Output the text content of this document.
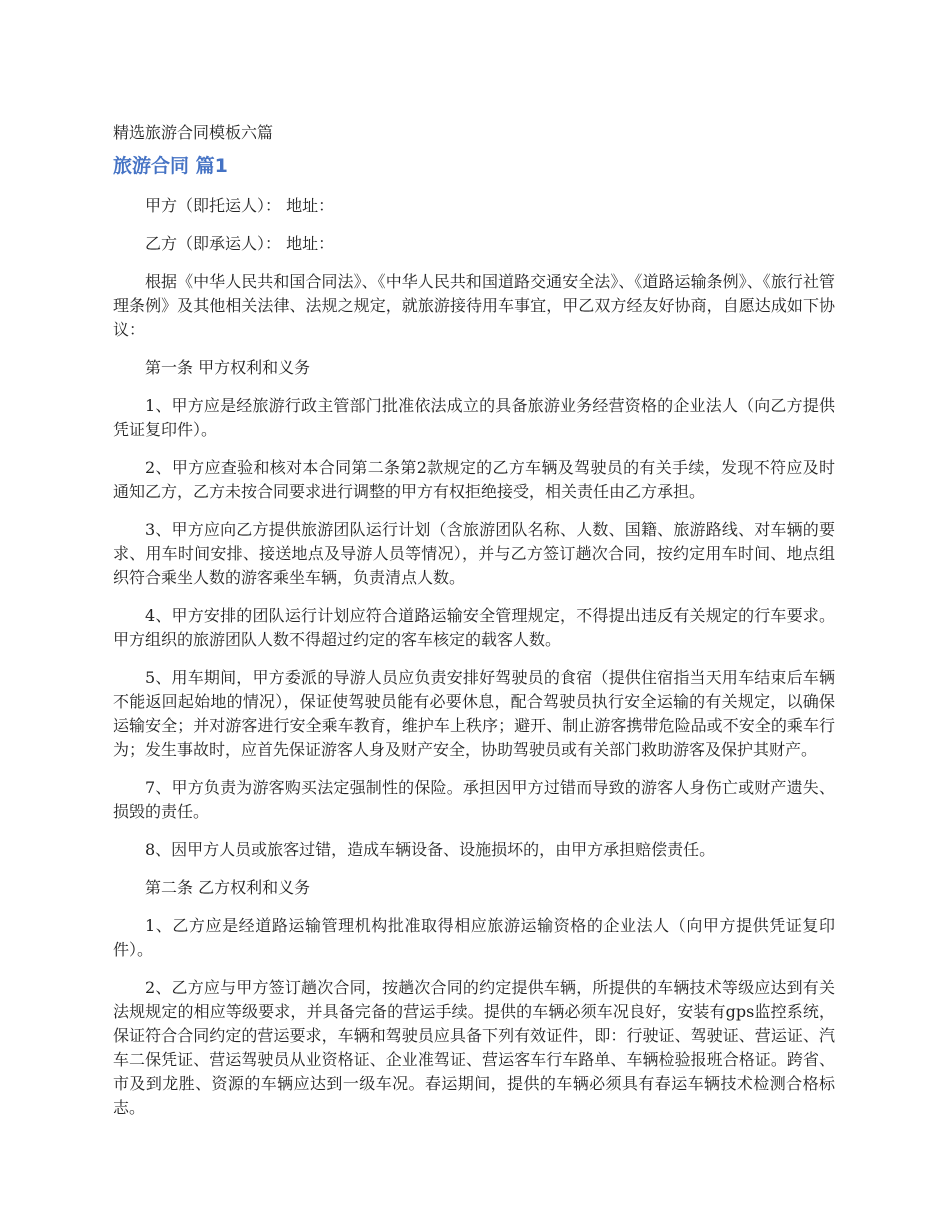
精选旅游合同模板六篇
旅游合同 篇1

甲方（即托运人）： 地址：

乙方（即承运人）： 地址：

根据《中华人民共和国合同法》、《中华人民共和国道路交通安全法》、《道路运输条例》、《旅行社管理条例》及其他相关法律、法规之规定，就旅游接待用车事宜，甲乙双方经友好协商，自愿达成如下协议：

第一条 甲方权利和义务

1、甲方应是经旅游行政主管部门批准依法成立的具备旅游业务经营资格的企业法人（向乙方提供凭证复印件）。

2、甲方应查验和核对本合同第二条第2款规定的乙方车辆及驾驶员的有关手续，发现不符应及时通知乙方，乙方未按合同要求进行调整的甲方有权拒绝接受，相关责任由乙方承担。

3、甲方应向乙方提供旅游团队运行计划（含旅游团队名称、人数、国籍、旅游路线、对车辆的要求、用车时间安排、接送地点及导游人员等情况），并与乙方签订趟次合同，按约定用车时间、地点组织符合乘坐人数的游客乘坐车辆，负责清点人数。

4、甲方安排的团队运行计划应符合道路运输安全管理规定，不得提出违反有关规定的行车要求。甲方组织的旅游团队人数不得超过约定的客车核定的载客人数。

5、用车期间，甲方委派的导游人员应负责安排好驾驶员的食宿（提供住宿指当天用车结束后车辆不能返回起始地的情况），保证使驾驶员能有必要休息，配合驾驶员执行安全运输的有关规定，以确保运输安全；并对游客进行安全乘车教育，维护车上秩序；避开、制止游客携带危险品或不安全的乘车行为；发生事故时，应首先保证游客人身及财产安全，协助驾驶员或有关部门救助游客及保护其财产。

7、甲方负责为游客购买法定强制性的保险。承担因甲方过错而导致的游客人身伤亡或财产遗失、损毁的责任。

8、因甲方人员或旅客过错，造成车辆设备、设施损坏的，由甲方承担赔偿责任。

第二条 乙方权利和义务

1、乙方应是经道路运输管理机构批准取得相应旅游运输资格的企业法人（向甲方提供凭证复印件）。

2、乙方应与甲方签订趟次合同，按趟次合同的约定提供车辆，所提供的车辆技术等级应达到有关法规规定的相应等级要求，并具备完备的营运手续。提供的车辆必须车况良好，安装有gps监控系统，保证符合合同约定的营运要求，车辆和驾驶员应具备下列有效证件，即：行驶证、驾驶证、营运证、汽车二保凭证、营运驾驶员从业资格证、企业准驾证、营运客车行车路单、车辆检验报班合格证。跨省、市及到龙胜、资源的车辆应达到一级车况。春运期间，提供的车辆必须具有春运车辆技术检测合格标志。
